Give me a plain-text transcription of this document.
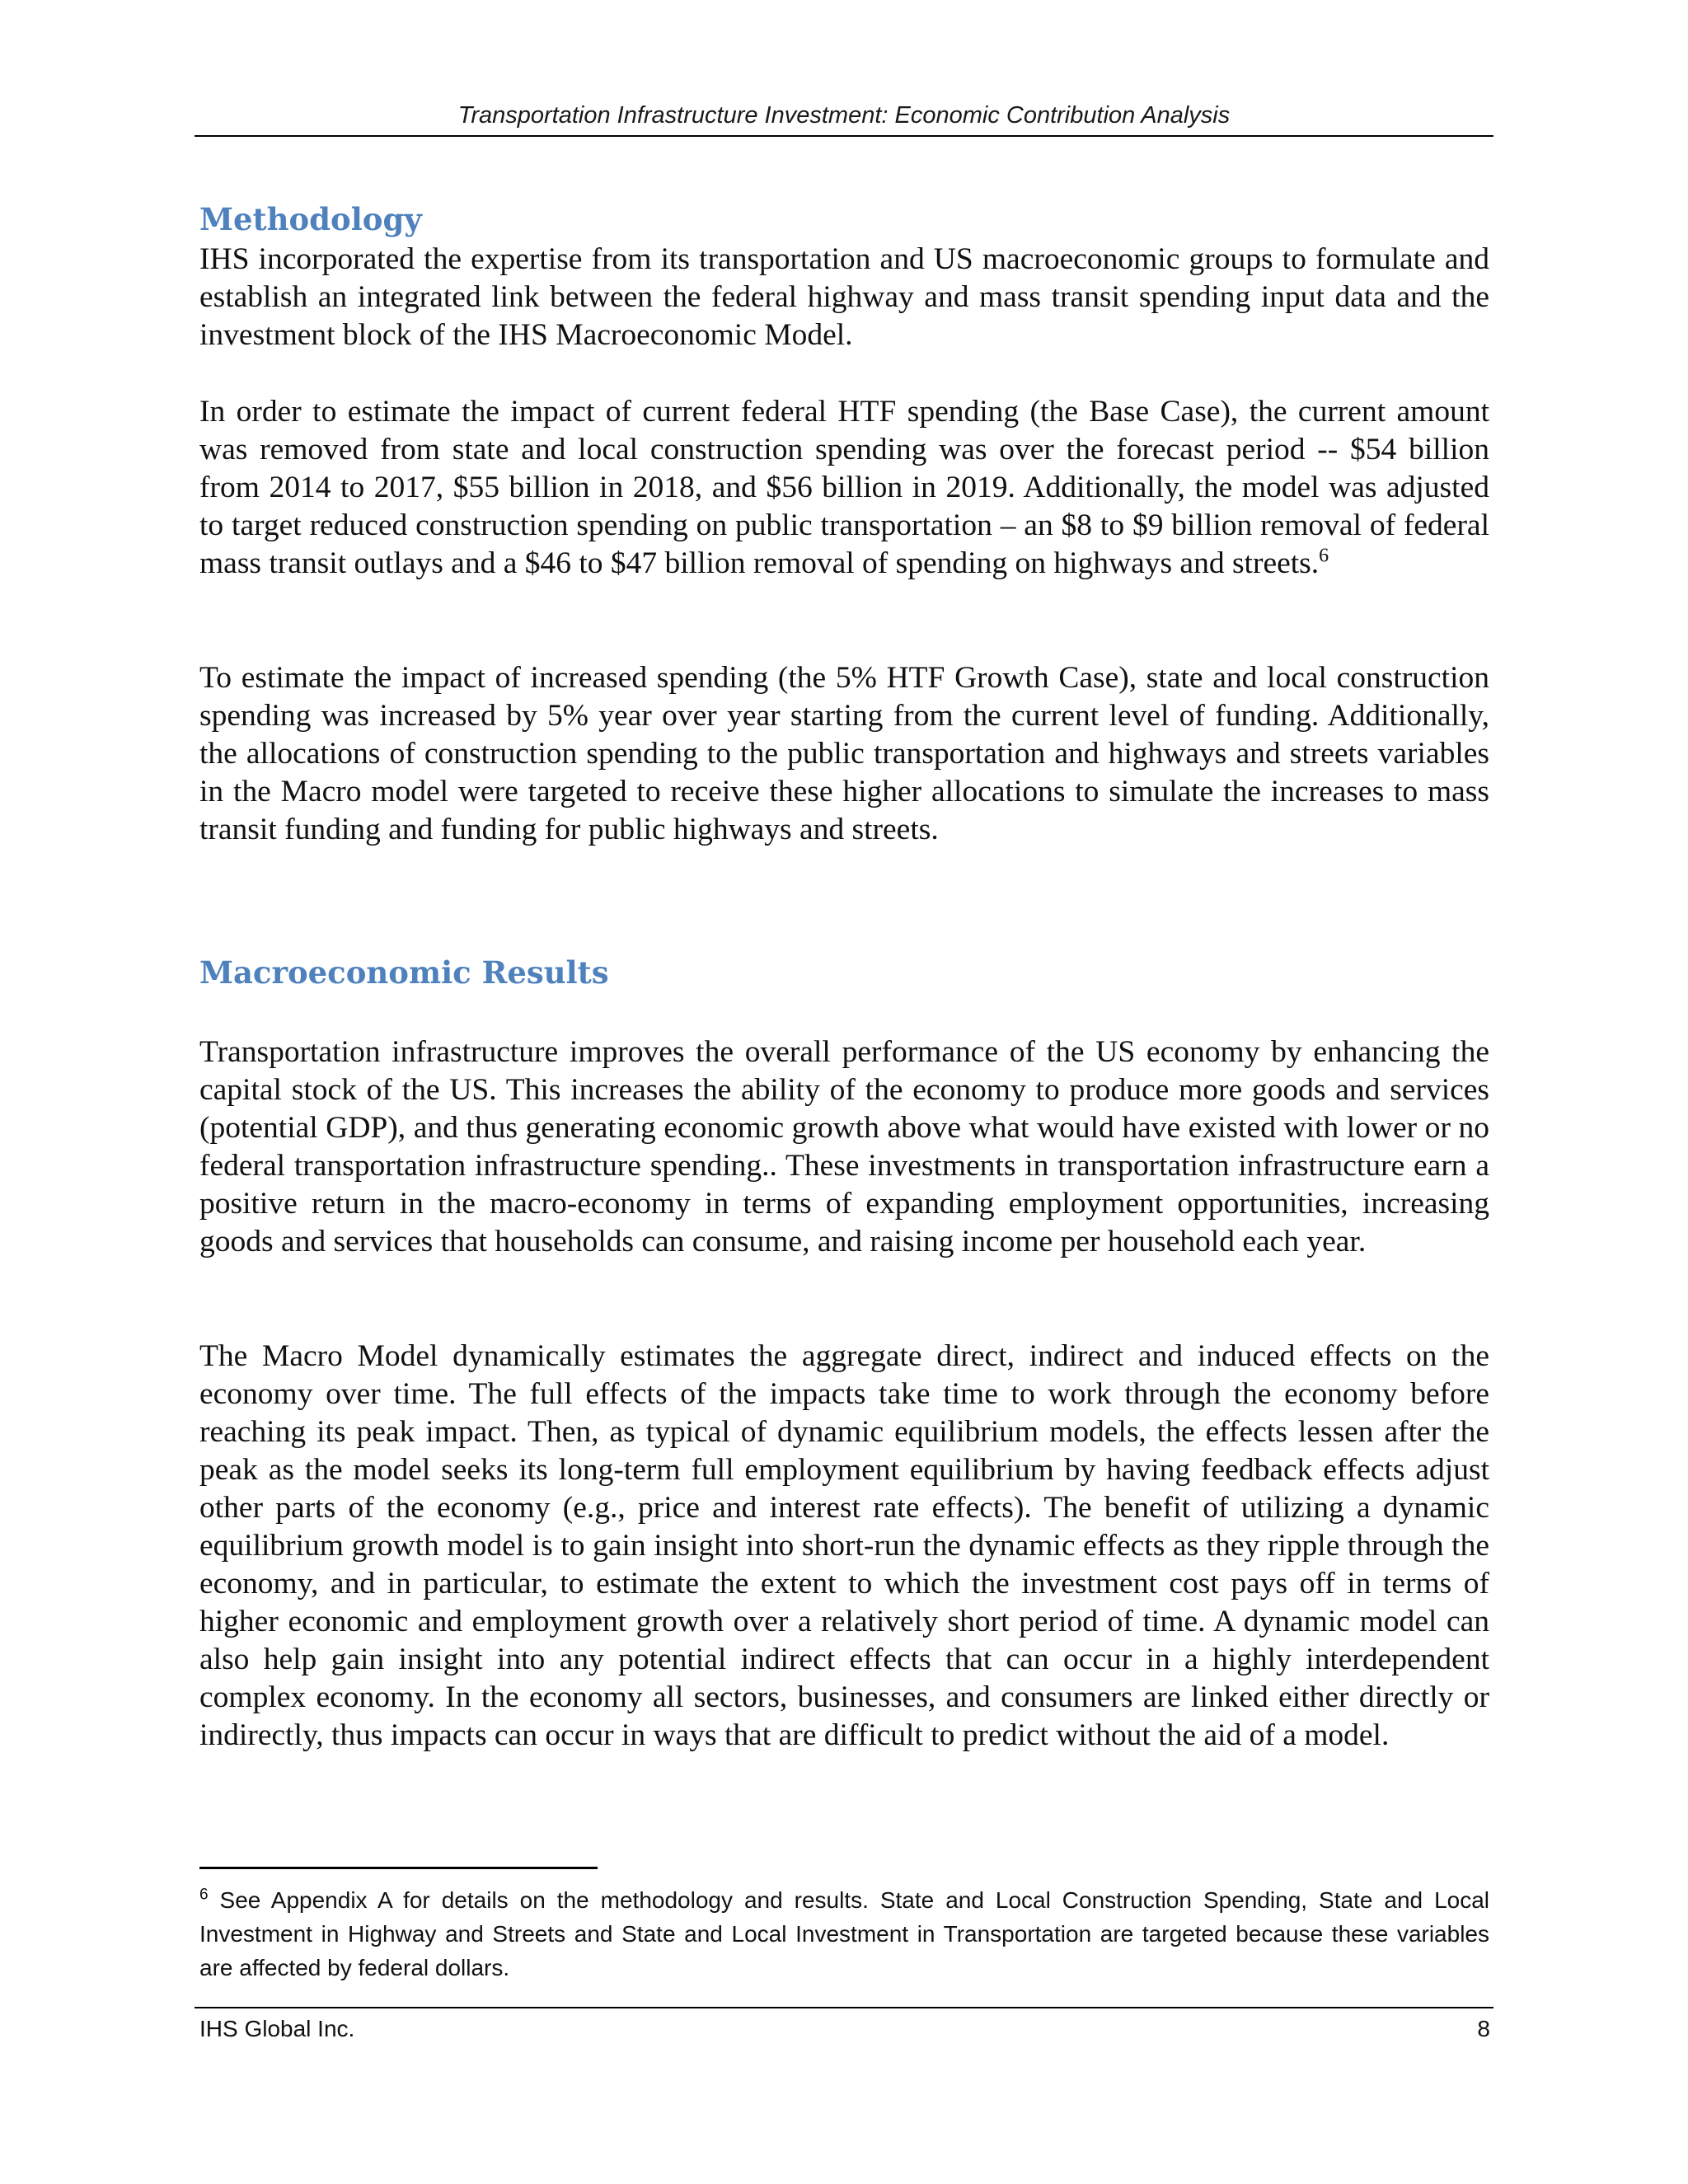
Transportation Infrastructure Investment: Economic Contribution Analysis
Methodology

IHS incorporated the expertise from its transportation and US macroeconomic groups to formulate and establish an integrated link between the federal highway and mass transit spending input data and the investment block of the IHS Macroeconomic Model.

In order to estimate the impact of current federal HTF spending (the Base Case), the current amount was removed from state and local construction spending was over the forecast period -- $54 billion from 2014 to 2017, $55 billion in 2018, and $56 billion in 2019. Additionally, the model was adjusted to target reduced construction spending on public transportation – an $8 to $9 billion removal of federal mass transit outlays and a $46 to $47 billion removal of spending on highways and streets.$^6$

To estimate the impact of increased spending (the 5% HTF Growth Case), state and local construction spending was increased by 5% year over year starting from the current level of funding. Additionally, the allocations of construction spending to the public transportation and highways and streets variables in the Macro model were targeted to receive these higher allocations to simulate the increases to mass transit funding and funding for public highways and streets.

Macroeconomic Results

Transportation infrastructure improves the overall performance of the US economy by enhancing the capital stock of the US. This increases the ability of the economy to produce more goods and services (potential GDP), and thus generating economic growth above what would have existed with lower or no federal transportation infrastructure spending.. These investments in transportation infrastructure earn a positive return in the macro-economy in terms of expanding employment opportunities, increasing goods and services that households can consume, and raising income per household each year.

The Macro Model dynamically estimates the aggregate direct, indirect and induced effects on the economy over time. The full effects of the impacts take time to work through the economy before reaching its peak impact. Then, as typical of dynamic equilibrium models, the effects lessen after the peak as the model seeks its long-term full employment equilibrium by having feedback effects adjust other parts of the economy (e.g., price and interest rate effects). The benefit of utilizing a dynamic equilibrium growth model is to gain insight into short-run the dynamic effects as they ripple through the economy, and in particular, to estimate the extent to which the investment cost pays off in terms of higher economic and employment growth over a relatively short period of time. A dynamic model can also help gain insight into any potential indirect effects that can occur in a highly interdependent complex economy. In the economy all sectors, businesses, and consumers are linked either directly or indirectly, thus impacts can occur in ways that are difficult to predict without the aid of a model.

$^6$ See Appendix A for details on the methodology and results. State and Local Construction Spending, State and Local Investment in Highway and Streets and State and Local Investment in Transportation are targeted because these variables are affected by federal dollars.

IHS Global Inc.	8
